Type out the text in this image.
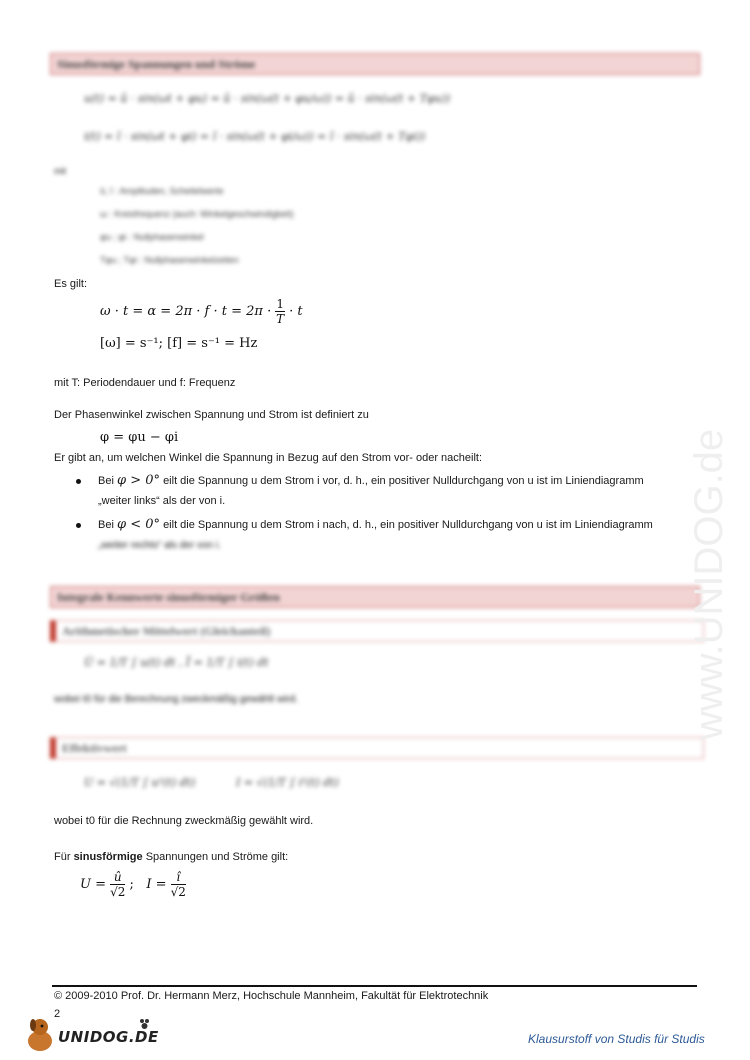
Sinusförmige Spannungen und Ströme
u(t) = û · sin(ωt + φu) = û · sin(ω(t + φu/ω)) = û · sin(ω(t + Tφu))
i(t) = î · sin(ωt + φi) = î · sin(ω(t + φi/ω)) = î · sin(ω(t + Tφi))
mit
û, î : Amplituden, Scheitelwerte
ω : Kreisfrequenz (auch: Winkelgeschwindigkeit)
φu ; φi : Nullphasenwinkel
Tφu ; Tφi : Nullphasenwinkelzeiten
Es gilt:
$\omega \cdot t = \alpha = 2\pi \cdot f \cdot t = 2\pi \cdot \frac{1}{T} \cdot t$
[ω] = s⁻¹; [f] = s⁻¹ = Hz
mit T: Periodendauer und f: Frequenz
Der Phasenwinkel zwischen Spannung und Strom ist definiert zu
φ = φu − φi
Er gibt an, um welchen Winkel die Spannung in Bezug auf den Strom vor- oder nacheilt:
Bei φ > 0° eilt die Spannung u dem Strom i vor, d. h., ein positiver Nulldurchgang von u ist im Liniendiagramm
„weiter links“ als der von i.
Bei φ < 0° eilt die Spannung u dem Strom i nach, d. h., ein positiver Nulldurchgang von u ist im Liniendiagramm
„weiter rechts“ als der von i.
Integrale Kennwerte sinusförmiger Größen
Arithmetischer Mittelwert (Gleichanteil)
Ū = 1/T ∫ u(t) dt , Ī = 1/T ∫ i(t) dt
wobei t0 für die Berechnung zweckmäßig gewählt wird.
Effektivwert
U = √(1/T ∫ u²(t) dt)	I = √(1/T ∫ i²(t) dt)
wobei t0 für die Rechnung zweckmäßig gewählt wird.
Für sinusförmige Spannungen und Ströme gilt:
$U = \frac{û}{√2}$ ; $I = \frac{î}{√2}$
www.UNIDOG.de
© 2009-2010 Prof. Dr. Hermann Merz, Hochschule Mannheim, Fakultät für Elektrotechnik
2
UNIDOG.DE	Klausurstoff von Studis für Studis
